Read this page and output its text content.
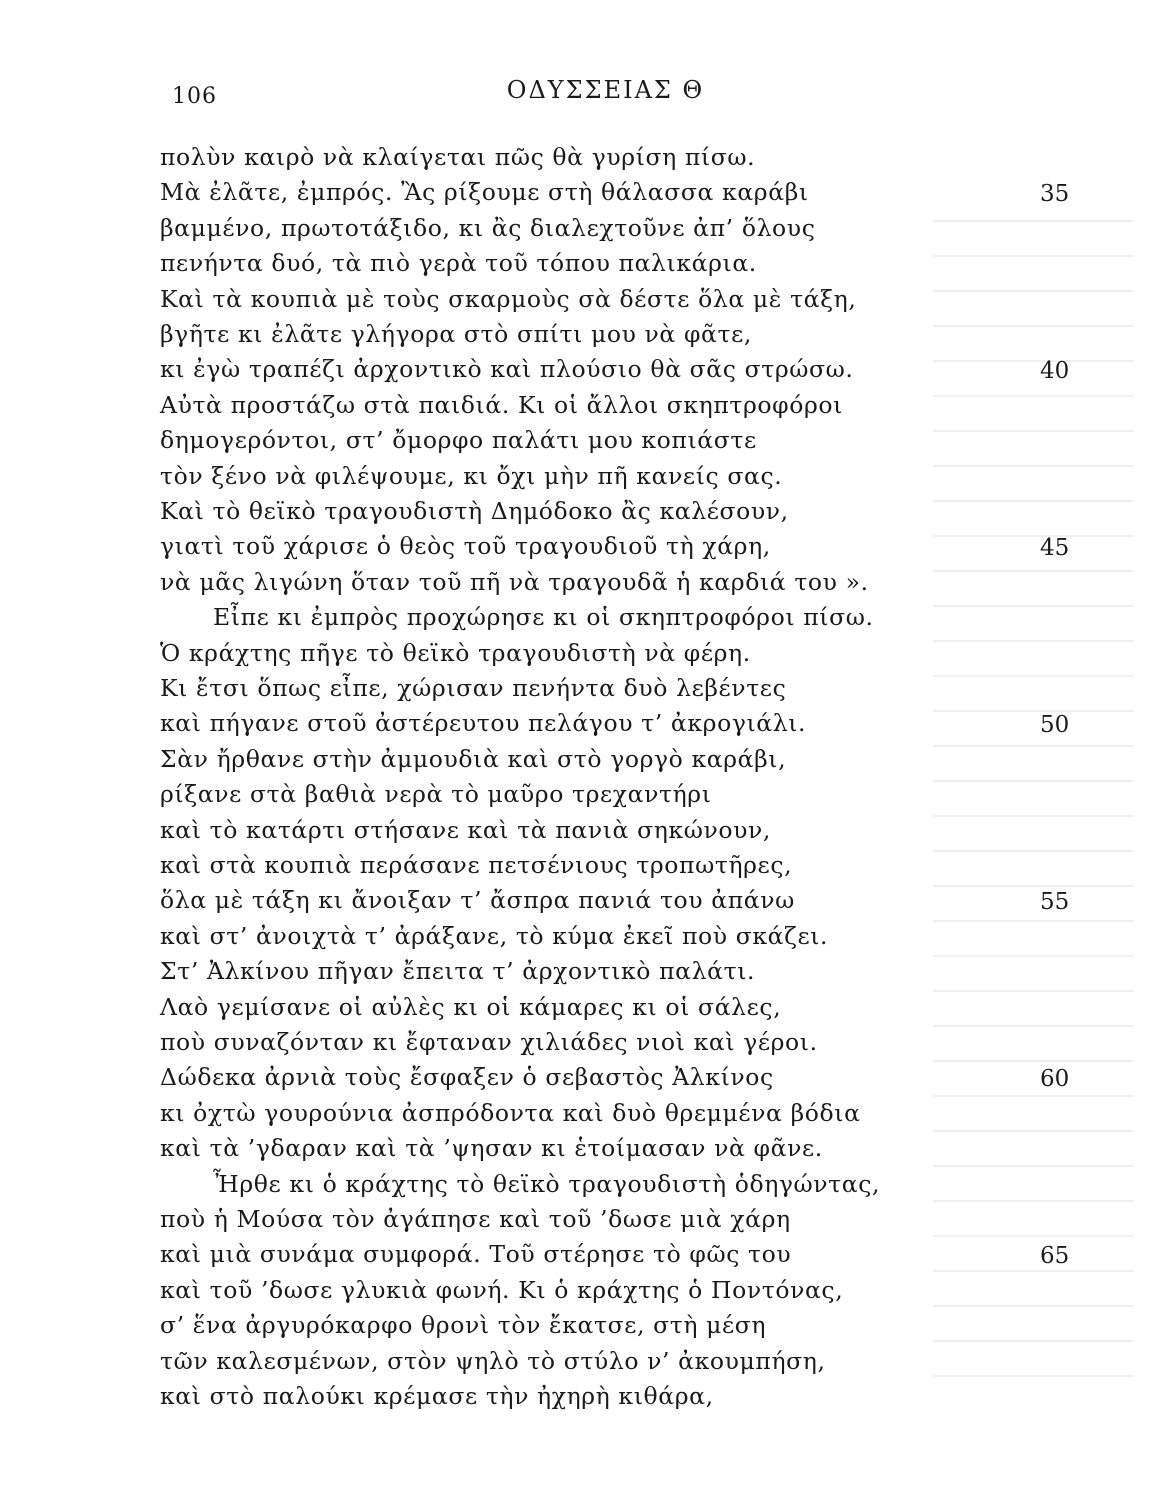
106	ΟΔΥΣΣΕΙΑΣ Θ
πολὺν καιρὸ νὰ κλαίγεται πῶς θὰ γυρίση πίσω.
Μὰ ἐλᾶτε, ἐμπρός. Ἂς ρίξουμε στὴ θάλασσα καράβι	35
βαμμένο, πρωτοτάξιδο, κι ἂς διαλεχτοῦνε ἀπ’ ὅλους
πενήντα δυό, τὰ πιὸ γερὰ τοῦ τόπου παλικάρια.
Καὶ τὰ κουπιὰ μὲ τοὺς σκαρμοὺς σὰ δέστε ὅλα μὲ τάξη,
βγῆτε κι ἐλᾶτε γλήγορα στὸ σπίτι μου νὰ φᾶτε,
κι ἐγὼ τραπέζι ἀρχοντικὸ καὶ πλούσιο θὰ σᾶς στρώσω.	40
Αὐτὰ προστάζω στὰ παιδιά. Κι οἱ ἄλλοι σκηπτροφόροι
δημογερόντοι, στ’ ὄμορφο παλάτι μου κοπιάστε
τὸν ξένο νὰ φιλέψουμε, κι ὄχι μὴν πῆ κανείς σας.
Καὶ τὸ θεϊκὸ τραγουδιστὴ Δημόδοκο ἂς καλέσουν,
γιατὶ τοῦ χάρισε ὁ θεὸς τοῦ τραγουδιοῦ τὴ χάρη,	45
νὰ μᾶς λιγώνη ὅταν τοῦ πῆ νὰ τραγουδᾶ ἡ καρδιά του ».
Εἶπε κι ἐμπρὸς προχώρησε κι οἱ σκηπτροφόροι πίσω.
Ὁ κράχτης πῆγε τὸ θεϊκὸ τραγουδιστὴ νὰ φέρη.
Κι ἔτσι ὅπως εἶπε, χώρισαν πενήντα δυὸ λεβέντες
καὶ πήγανε στοῦ ἀστέρευτου πελάγου τ’ ἀκρογιάλι.	50
Σὰν ἤρθανε στὴν ἀμμουδιὰ καὶ στὸ γοργὸ καράβι,
ρίξανε στὰ βαθιὰ νερὰ τὸ μαῦρο τρεχαντήρι
καὶ τὸ κατάρτι στήσανε καὶ τὰ πανιὰ σηκώνουν,
καὶ στὰ κουπιὰ περάσανε πετσένιους τροπωτῆρες,
ὅλα μὲ τάξη κι ἄνοιξαν τ’ ἄσπρα πανιά του ἀπάνω	55
καὶ στ’ ἀνοιχτὰ τ’ ἀράξανε, τὸ κύμα ἐκεῖ ποὺ σκάζει.
Στ’ Ἀλκίνου πῆγαν ἔπειτα τ’ ἀρχοντικὸ παλάτι.
Λαὸ γεμίσανε οἱ αὐλὲς κι οἱ κάμαρες κι οἱ σάλες,
ποὺ συναζόνταν κι ἔφταναν χιλιάδες νιοὶ καὶ γέροι.
Δώδεκα ἀρνιὰ τοὺς ἔσφαξεν ὁ σεβαστὸς Ἀλκίνος	60
κι ὀχτὼ γουρούνια ἀσπρόδοντα καὶ δυὸ θρεμμένα βόδια
καὶ τὰ ’γδαραν καὶ τὰ ’ψησαν κι ἑτοίμασαν νὰ φᾶνε.
Ἦρθε κι ὁ κράχτης τὸ θεϊκὸ τραγουδιστὴ ὁδηγώντας,
ποὺ ἡ Μούσα τὸν ἀγάπησε καὶ τοῦ ’δωσε μιὰ χάρη
καὶ μιὰ συνάμα συμφορά. Τοῦ στέρησε τὸ φῶς του	65
καὶ τοῦ ’δωσε γλυκιὰ φωνή. Κι ὁ κράχτης ὁ Ποντόνας,
σ’ ἕνα ἀργυρόκαρφο θρονὶ τὸν ἔκατσε, στὴ μέση
τῶν καλεσμένων, στὸν ψηλὸ τὸ στύλο ν’ ἀκουμπήση,
καὶ στὸ παλούκι κρέμασε τὴν ἠχηρὴ κιθάρα,
